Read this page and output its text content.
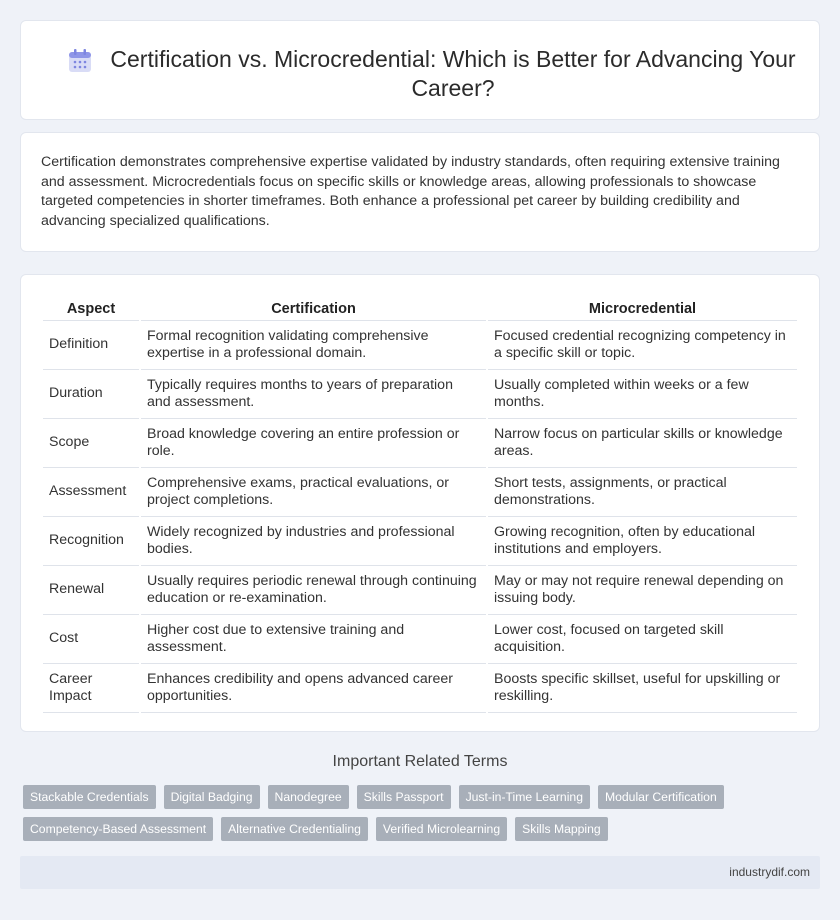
Certification vs. Microcredential: Which is Better for Advancing Your Career?

Certification demonstrates comprehensive expertise validated by industry standards, often requiring extensive training and assessment. Microcredentials focus on specific skills or knowledge areas, allowing professionals to showcase targeted competencies in shorter timeframes. Both enhance a professional pet career by building credibility and advancing specialized qualifications.

Aspect	Certification	Microcredential
Definition	Formal recognition validating comprehensive expertise in a professional domain.	Focused credential recognizing competency in a specific skill or topic.
Duration	Typically requires months to years of preparation and assessment.	Usually completed within weeks or a few months.
Scope	Broad knowledge covering an entire profession or role.	Narrow focus on particular skills or knowledge areas.
Assessment	Comprehensive exams, practical evaluations, or project completions.	Short tests, assignments, or practical demonstrations.
Recognition	Widely recognized by industries and professional bodies.	Growing recognition, often by educational institutions and employers.
Renewal	Usually requires periodic renewal through continuing education or re-examination.	May or may not require renewal depending on issuing body.
Cost	Higher cost due to extensive training and assessment.	Lower cost, focused on targeted skill acquisition.
Career Impact	Enhances credibility and opens advanced career opportunities.	Boosts specific skillset, useful for upskilling or reskilling.
Important Related Terms
Stackable Credentials	Digital Badging	Nanodegree	Skills Passport	Just-in-Time Learning	Modular Certification
Competency-Based Assessment	Alternative Credentialing	Verified Microlearning	Skills Mapping
industrydif.com
